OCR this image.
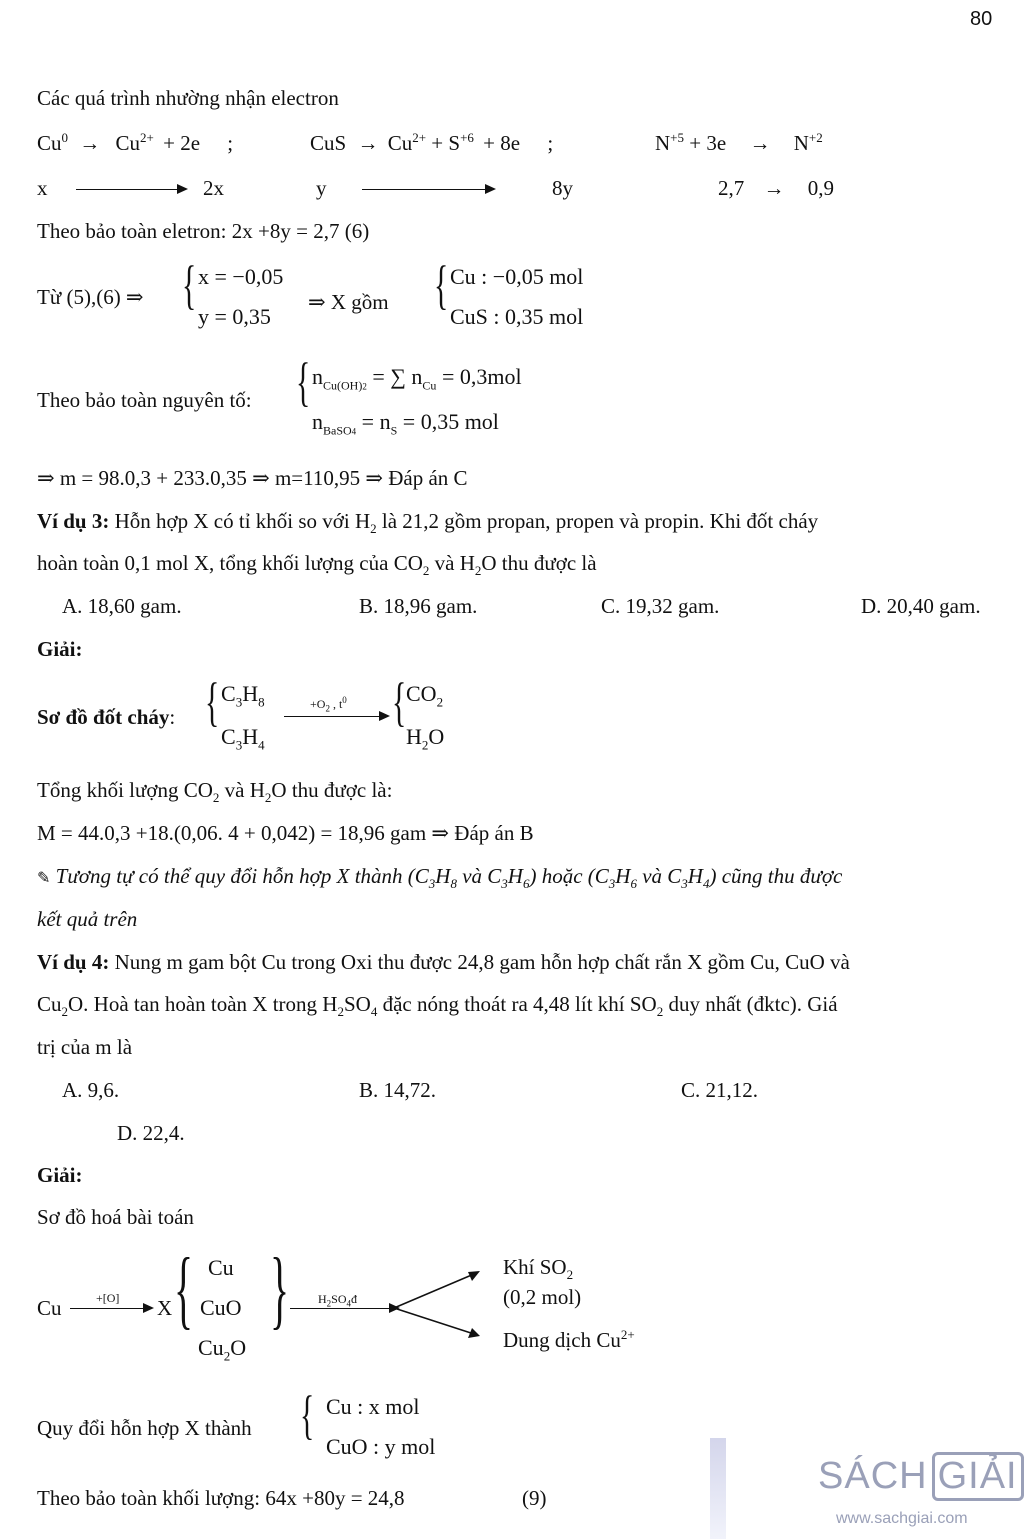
80
Các quá trình nhường nhận electron
$Cu^0 \to Cu^{2+} + 2e$ ;	CuS → $Cu^{2+} + S^{+6} + 8e$ ;	$N^{+5} + 3e \to N^{+2}$
x	2x	y	8y	2,7 → 0,9
Theo bảo toàn eletron: 2x +8y = 2,7 (6)
Từ (5),(6) ⇒ { x = −0,05
y = 0,35
⇒ X gồm { Cu : −0,05 mol
CuS : 0,35 mol
Theo bảo toàn nguyên tố: { $n_{Cu(OH)2}$ = ∑ $n_{Cu} = 0,3mol$
$n_{BaSO4} = n_S = 0,35$ mol
⇒ m = 98.0,3 + 233.0,35 ⇒ m=110,95 ⇒ Đáp án C
Ví dụ 3: Hỗn hợp X có tỉ khối so với $H_2$ là 21,2 gồm propan, propen và propin. Khi đốt cháy
hoàn toàn 0,1 mol X, tổng khối lượng của $CO_2$ và $H_2O$ thu được là
A. 18,60 gam.	B. 18,96 gam.	C. 19,32 gam.	D. 20,40 gam.
Giải:
Sơ đồ đốt cháy: { $C_3H_8$
$C_3H_4$
$+O_2$ , $t^0$ { $CO_2$
$H_2O$
Tổng khối lượng $CO_2$ và $H_2O$ thu được là:
M = 44.0,3 +18.(0,06. 4 + 0,042) = 18,96 gam ⇒ Đáp án B
✎ Tương tự có thể quy đổi hỗn hợp X thành ($C_3H_8$ và $C_3H_6$) hoặc ($C_3H_6$ và $C_3H_4$) cũng thu được
kết quả trên
Ví dụ 4: Nung m gam bột Cu trong Oxi thu được 24,8 gam hỗn hợp chất rắn X gồm Cu, CuO và
$Cu_2O$. Hoà tan hoàn toàn X trong $H_2SO_4$ đặc nóng thoát ra 4,48 lít khí $SO_2$ duy nhất (đktc). Giá
trị của m là
A. 9,6.	B. 14,72.	C. 21,12.
D. 22,4.
Giải:
Sơ đồ hoá bài toán
Cu	+[O] X { Cu
CuO
$Cu_2O$
} $H_2SO_4đ$
Khí $SO_2$
(0,2 mol)
Dung dịch $Cu^{2+}$
Quy đổi hỗn hợp X thành { Cu : x mol
CuO : y mol
Theo bảo toàn khối lượng: 64x +80y = 24,8	(9)
SÁCH GIẢI
www.sachgiai.com
